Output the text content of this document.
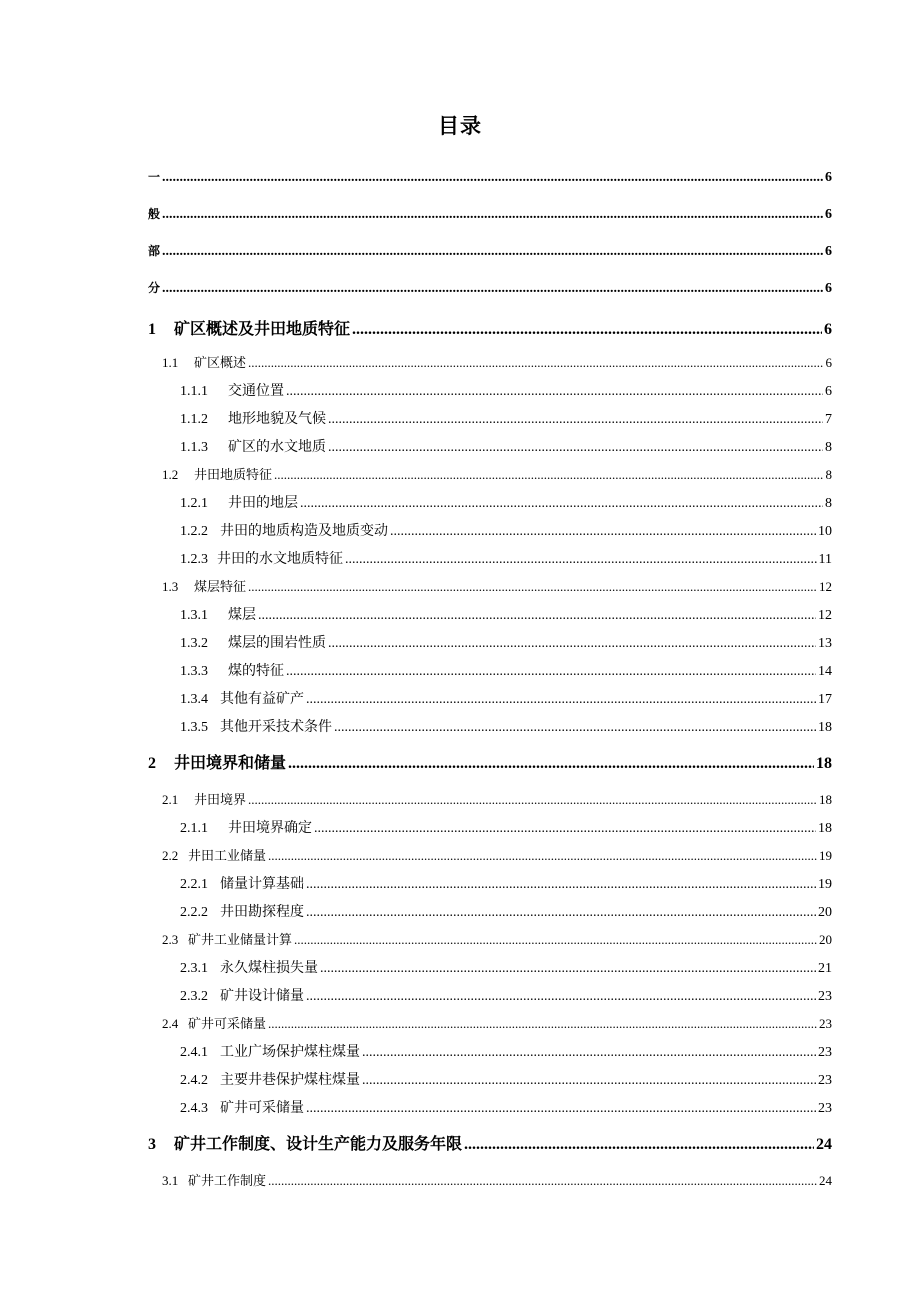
目录
一 .....	6
般 .....	6
部 .....	6
分 .....	6
1	矿区概述及井田地质特征 .....	6
1.1	矿区概述 .....	6
1.1.1	交通位置 .....	6
1.1.2	地形地貌及气候 .....	7
1.1.3	矿区的水文地质 .....	8
1.2	井田地质特征 .....	8
1.2.1	井田的地层 .....	8
1.2.2 井田的地质构造及地质变动 .....	10
1.2.3 井田的水文地质特征 .....	11
1.3	煤层特征 .....	12
1.3.1	煤层 .....	12
1.3.2	煤层的围岩性质 .....	13
1.3.3	煤的特征 .....	14
1.3.4 其他有益矿产 .....	17
1.3.5 其他开采技术条件 .....	18
2	井田境界和储量 .....	18
2.1	井田境界 .....	18
2.1.1	井田境界确定 .....	18
2.2 井田工业储量 .....	19
2.2.1 储量计算基础 .....	19
2.2.2 井田勘探程度 .....	20
2.3 矿井工业储量计算 .....	20
2.3.1 永久煤柱损失量 .....	21
2.3.2 矿井设计储量 .....	23
2.4 矿井可采储量 .....	23
2.4.1 工业广场保护煤柱煤量 .....	23
2.4.2 主要井巷保护煤柱煤量 .....	23
2.4.3 矿井可采储量 .....	23
3	矿井工作制度、设计生产能力及服务年限 .....	24
3.1 矿井工作制度 .....	24
